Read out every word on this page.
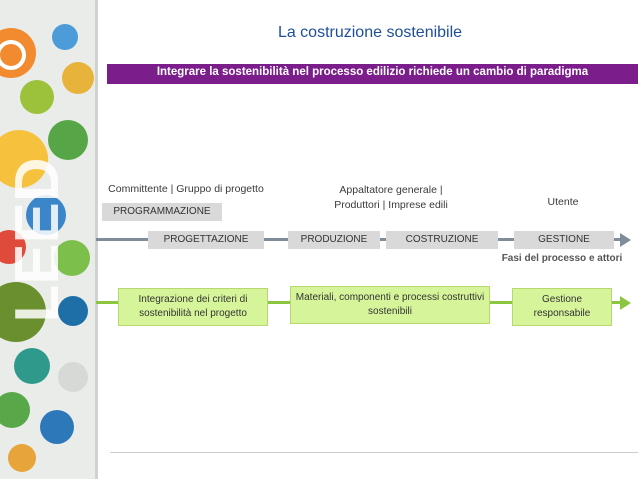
LEED
La costruzione sostenibile
Integrare la sostenibilità nel processo edilizio richiede un cambio di paradigma
Committente | Gruppo di progetto	Appaltatore generale | Produttori | Imprese edili	Utente
PROGRAMMAZIONE
PROGETTAZIONE	PRODUZIONE	COSTRUZIONE	GESTIONE
Fasi del processo e attori
Integrazione dei criteri di sostenibilità nel progetto
Materiali, componenti e processi costruttivi sostenibili
Gestione responsabile
